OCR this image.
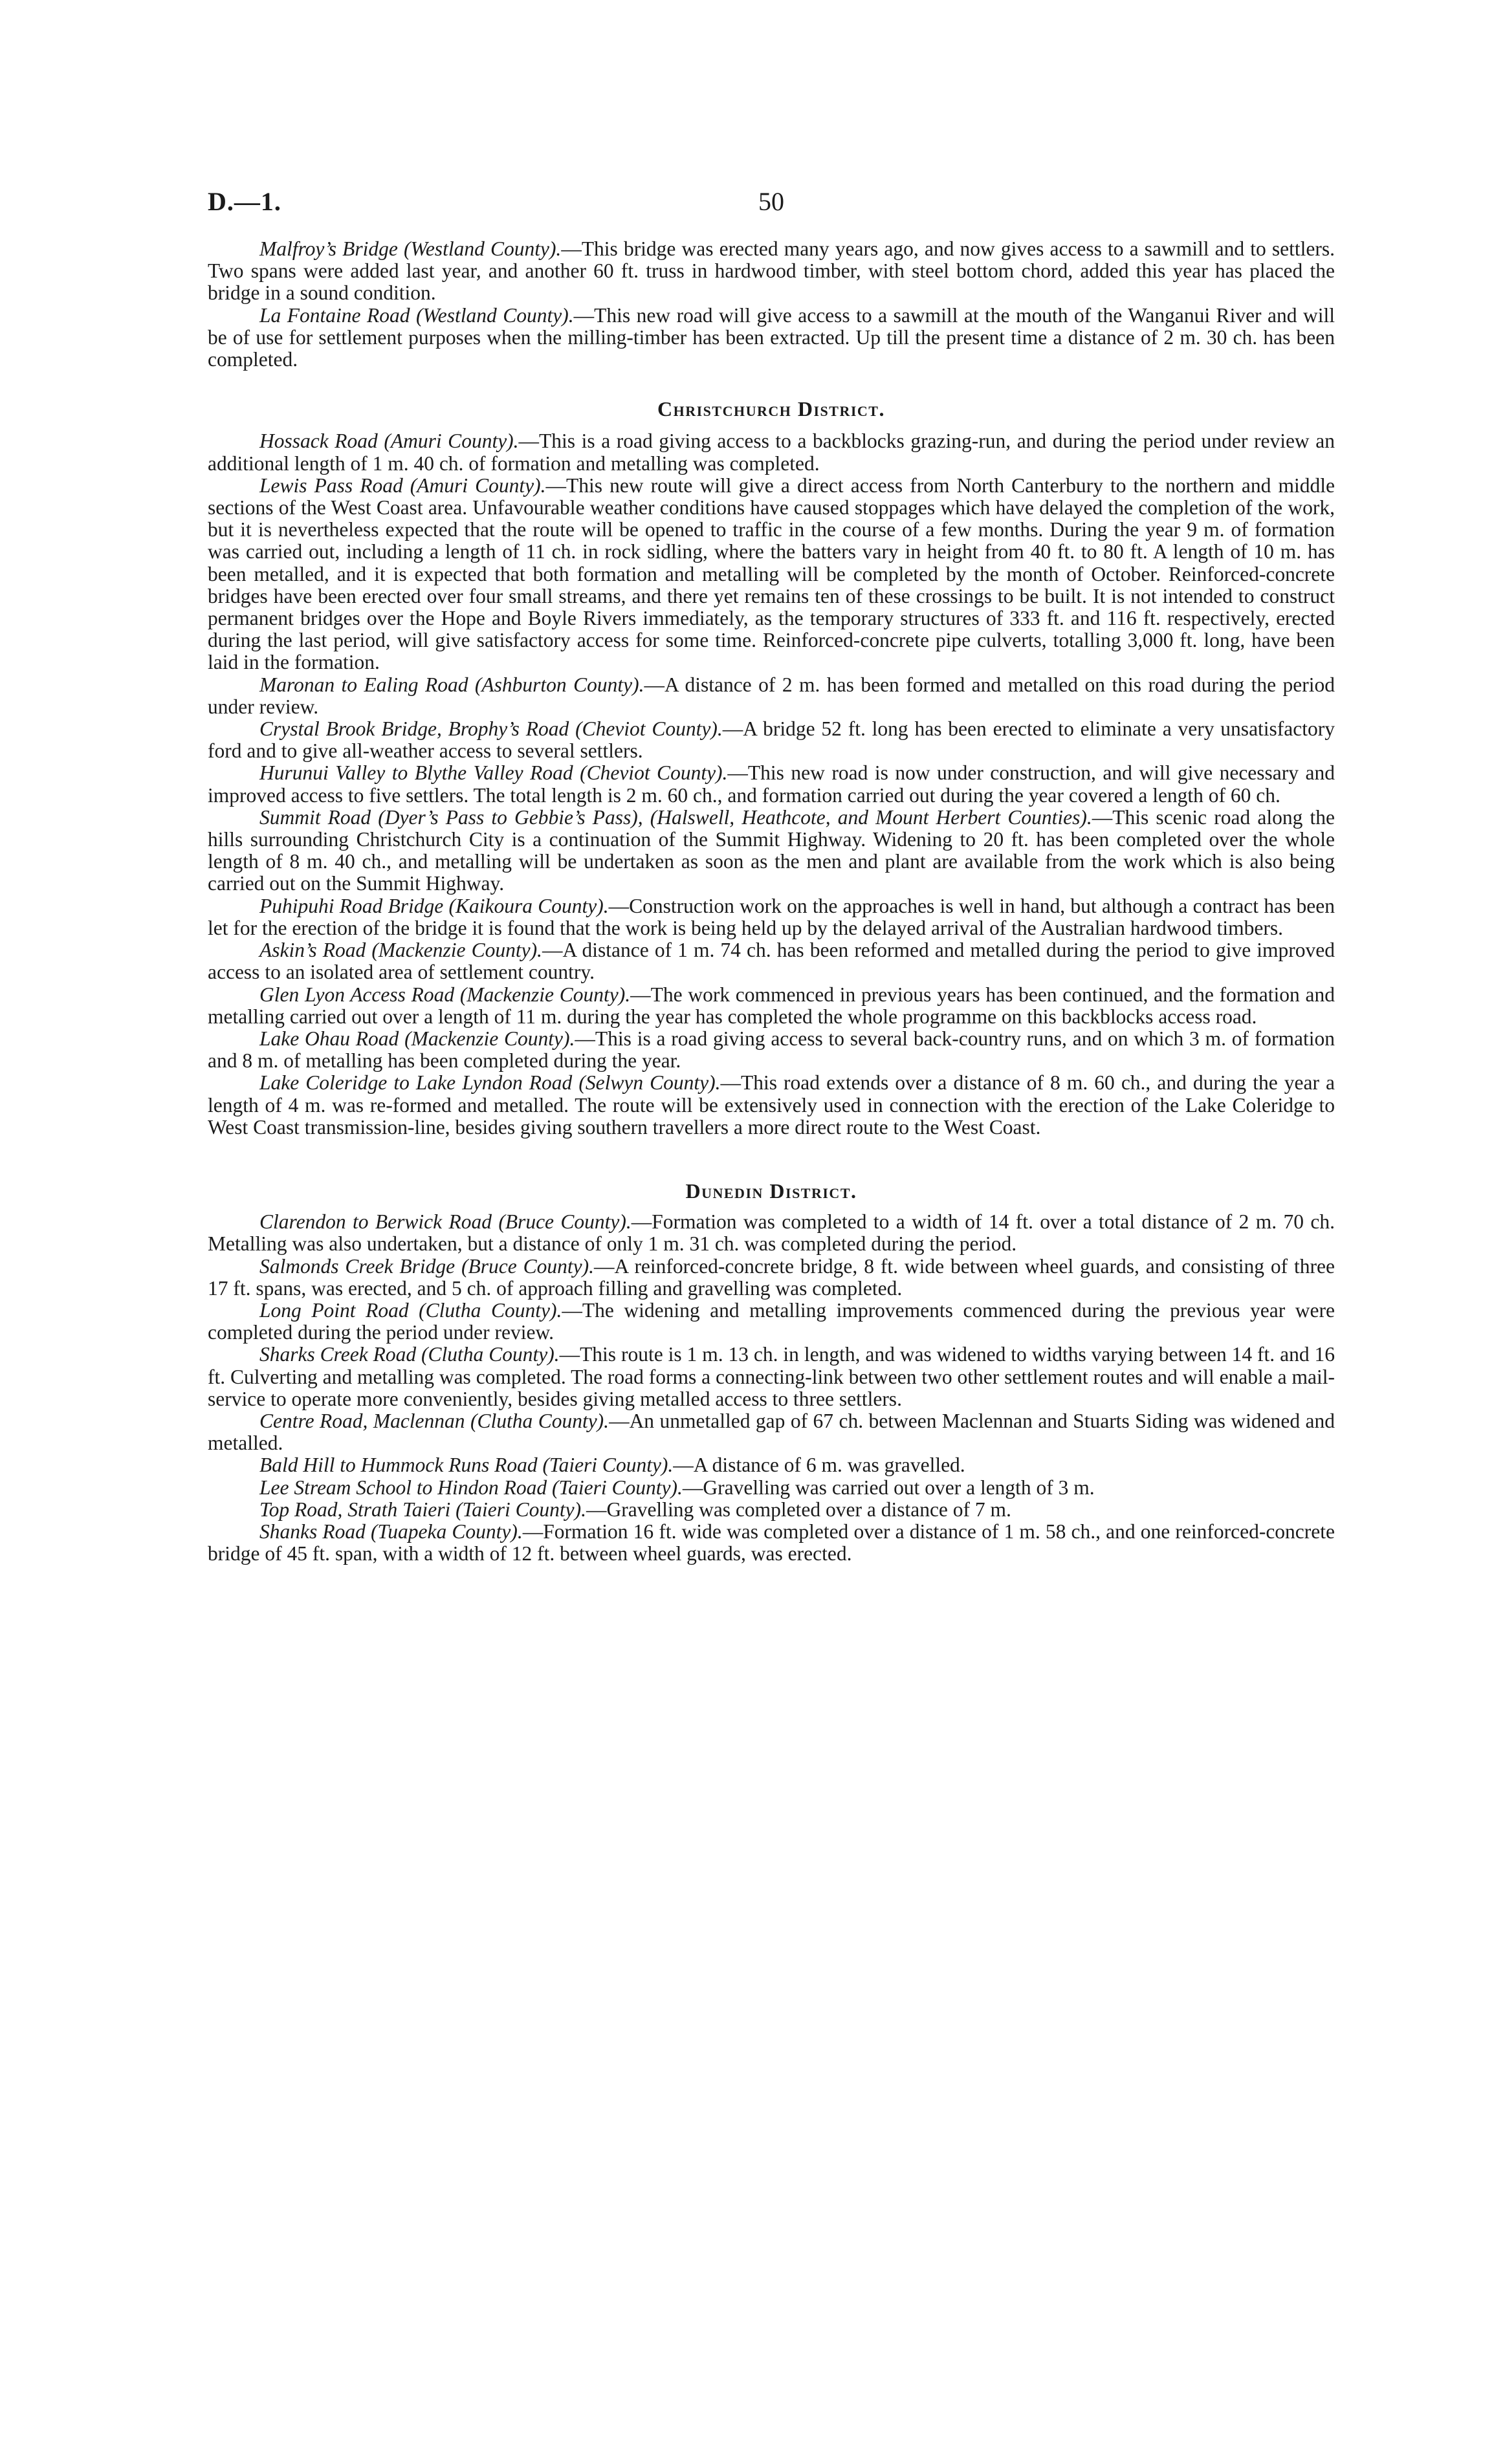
D.—1.	50

Malfroy’s Bridge (Westland County).—This bridge was erected many years ago, and now gives access to a sawmill and to settlers. Two spans were added last year, and another 60 ft. truss in hardwood timber, with steel bottom chord, added this year has placed the bridge in a sound condition.

La Fontaine Road (Westland County).—This new road will give access to a sawmill at the mouth of the Wanganui River and will be of use for settlement purposes when the milling-timber has been extracted. Up till the present time a distance of 2 m. 30 ch. has been completed.

Christchurch District.

Hossack Road (Amuri County).—This is a road giving access to a backblocks grazing-run, and during the period under review an additional length of 1 m. 40 ch. of formation and metalling was completed.

Lewis Pass Road (Amuri County).—This new route will give a direct access from North Canterbury to the northern and middle sections of the West Coast area. Unfavourable weather conditions have caused stoppages which have delayed the completion of the work, but it is nevertheless expected that the route will be opened to traffic in the course of a few months. During the year 9 m. of formation was carried out, including a length of 11 ch. in rock sidling, where the batters vary in height from 40 ft. to 80 ft. A length of 10 m. has been metalled, and it is expected that both formation and metalling will be completed by the month of October. Reinforced-concrete bridges have been erected over four small streams, and there yet remains ten of these crossings to be built. It is not intended to construct permanent bridges over the Hope and Boyle Rivers immediately, as the temporary structures of 333 ft. and 116 ft. respectively, erected during the last period, will give satisfactory access for some time. Reinforced-concrete pipe culverts, totalling 3,000 ft. long, have been laid in the formation.

Maronan to Ealing Road (Ashburton County).—A distance of 2 m. has been formed and metalled on this road during the period under review.

Crystal Brook Bridge, Brophy’s Road (Cheviot County).—A bridge 52 ft. long has been erected to eliminate a very unsatisfactory ford and to give all-weather access to several settlers.

Hurunui Valley to Blythe Valley Road (Cheviot County).—This new road is now under construction, and will give necessary and improved access to five settlers. The total length is 2 m. 60 ch., and formation carried out during the year covered a length of 60 ch.

Summit Road (Dyer’s Pass to Gebbie’s Pass), (Halswell, Heathcote, and Mount Herbert Counties).—This scenic road along the hills surrounding Christchurch City is a continuation of the Summit Highway. Widening to 20 ft. has been completed over the whole length of 8 m. 40 ch., and metalling will be undertaken as soon as the men and plant are available from the work which is also being carried out on the Summit Highway.

Puhipuhi Road Bridge (Kaikoura County).—Construction work on the approaches is well in hand, but although a contract has been let for the erection of the bridge it is found that the work is being held up by the delayed arrival of the Australian hardwood timbers.

Askin’s Road (Mackenzie County).—A distance of 1 m. 74 ch. has been reformed and metalled during the period to give improved access to an isolated area of settlement country.

Glen Lyon Access Road (Mackenzie County).—The work commenced in previous years has been continued, and the formation and metalling carried out over a length of 11 m. during the year has completed the whole programme on this backblocks access road.

Lake Ohau Road (Mackenzie County).—This is a road giving access to several back-country runs, and on which 3 m. of formation and 8 m. of metalling has been completed during the year.

Lake Coleridge to Lake Lyndon Road (Selwyn County).—This road extends over a distance of 8 m. 60 ch., and during the year a length of 4 m. was re-formed and metalled. The route will be extensively used in connection with the erection of the Lake Coleridge to West Coast transmission-line, besides giving southern travellers a more direct route to the West Coast.

Dunedin District.

Clarendon to Berwick Road (Bruce County).—Formation was completed to a width of 14 ft. over a total distance of 2 m. 70 ch. Metalling was also undertaken, but a distance of only 1 m. 31 ch. was completed during the period.

Salmonds Creek Bridge (Bruce County).—A reinforced-concrete bridge, 8 ft. wide between wheel guards, and consisting of three 17 ft. spans, was erected, and 5 ch. of approach filling and gravelling was completed.

Long Point Road (Clutha County).—The widening and metalling improvements commenced during the previous year were completed during the period under review.

Sharks Creek Road (Clutha County).—This route is 1 m. 13 ch. in length, and was widened to widths varying between 14 ft. and 16 ft. Culverting and metalling was completed. The road forms a connecting-link between two other settlement routes and will enable a mail-service to operate more conveniently, besides giving metalled access to three settlers.

Centre Road, Maclennan (Clutha County).—An unmetalled gap of 67 ch. between Maclennan and Stuarts Siding was widened and metalled.

Bald Hill to Hummock Runs Road (Taieri County).—A distance of 6 m. was gravelled.

Lee Stream School to Hindon Road (Taieri County).—Gravelling was carried out over a length of 3 m.

Top Road, Strath Taieri (Taieri County).—Gravelling was completed over a distance of 7 m.

Shanks Road (Tuapeka County).—Formation 16 ft. wide was completed over a distance of 1 m. 58 ch., and one reinforced-concrete bridge of 45 ft. span, with a width of 12 ft. between wheel guards, was erected.
